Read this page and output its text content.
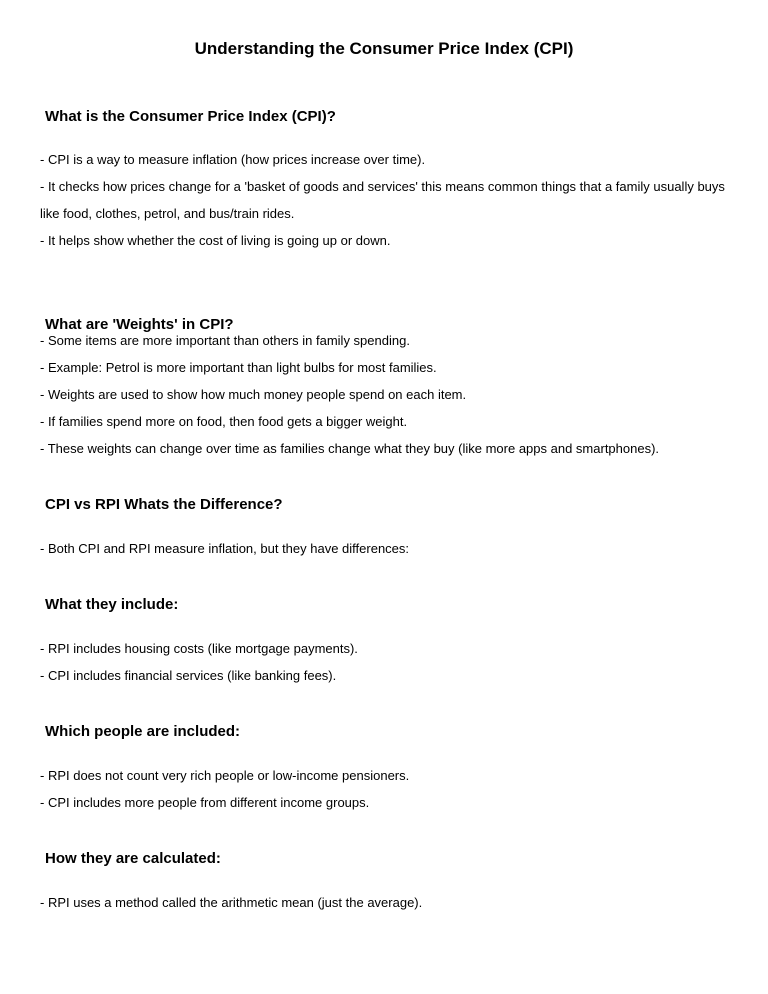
Understanding the Consumer Price Index (CPI)
What is the Consumer Price Index (CPI)?
- CPI is a way to measure inflation (how prices increase over time).
- It checks how prices change for a 'basket of goods and services' this means common things that a family usually buys like food, clothes, petrol, and bus/train rides.
- It helps show whether the cost of living is going up or down.
What are 'Weights' in CPI?
- Some items are more important than others in family spending.
- Example: Petrol is more important than light bulbs for most families.
- Weights are used to show how much money people spend on each item.
- If families spend more on food, then food gets a bigger weight.
- These weights can change over time as families change what they buy (like more apps and smartphones).
CPI vs RPI Whats the Difference?
- Both CPI and RPI measure inflation, but they have differences:
What they include:
- RPI includes housing costs (like mortgage payments).
- CPI includes financial services (like banking fees).
Which people are included:
- RPI does not count very rich people or low-income pensioners.
- CPI includes more people from different income groups.
How they are calculated:
- RPI uses a method called the arithmetic mean (just the average).
